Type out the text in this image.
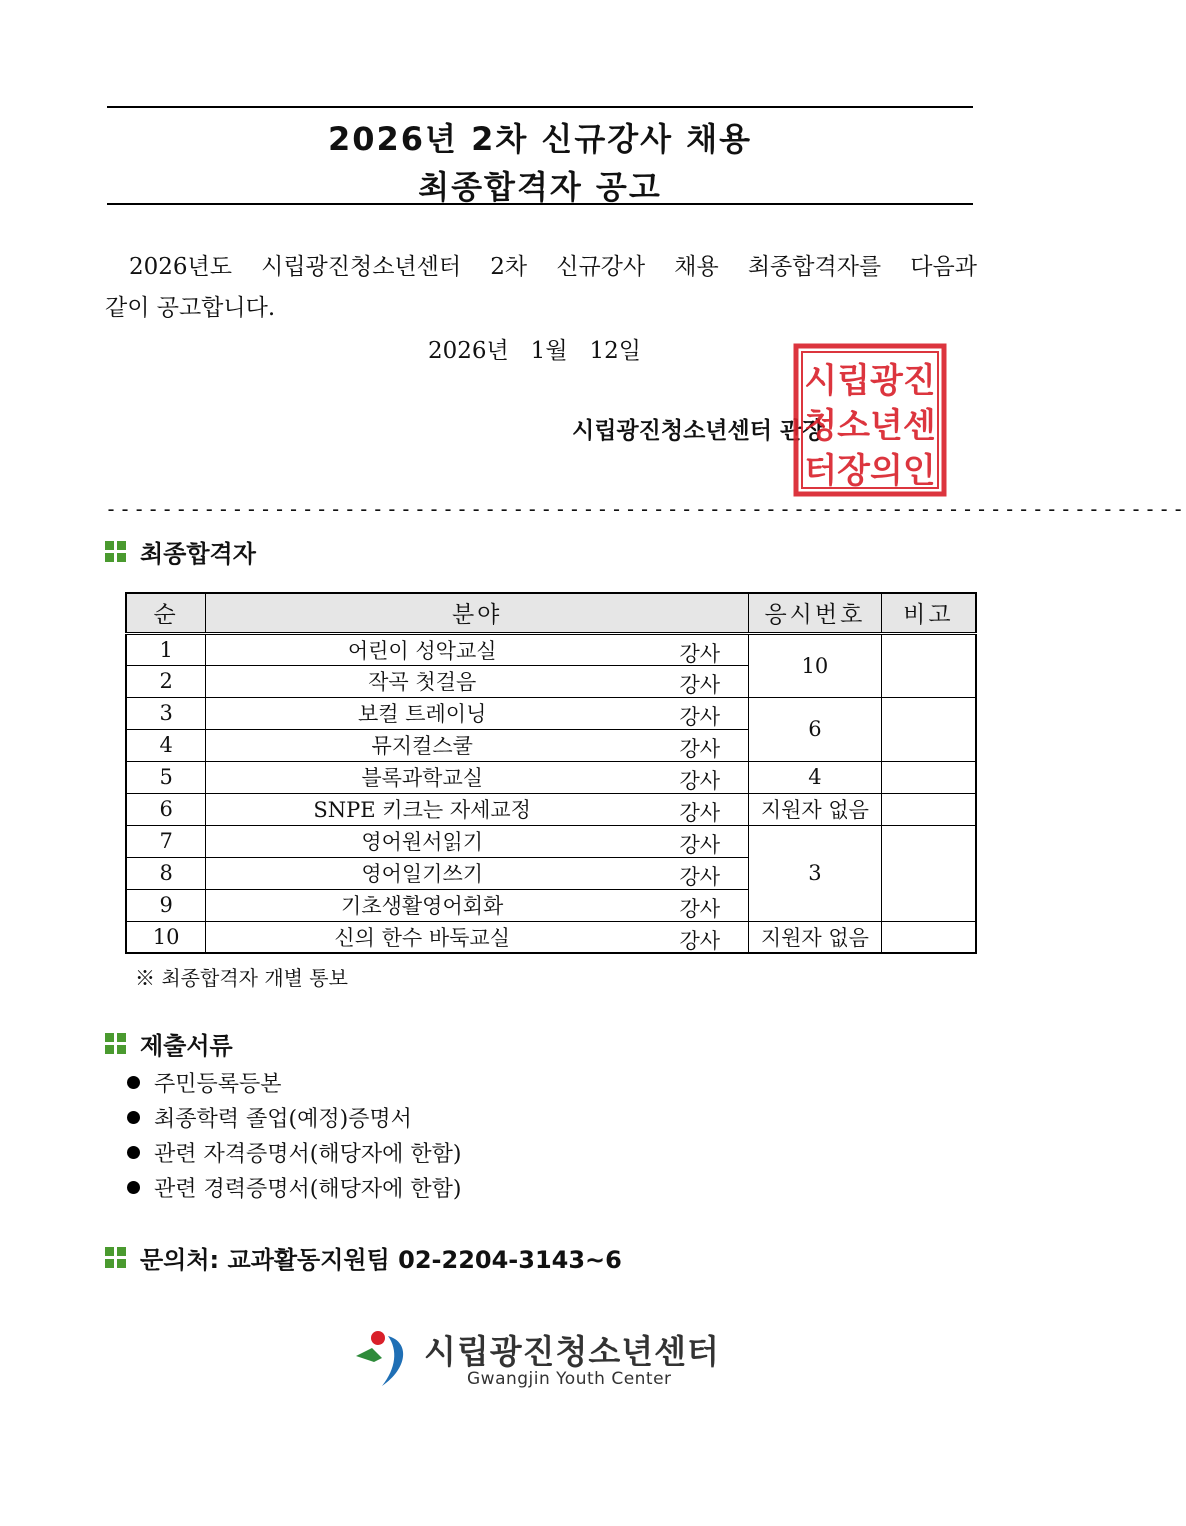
2026년 2차 신규강사 채용
최종합격자 공고
2026년도 시립광진청소년센터 2차 신규강사 채용 최종합격자를 다음과
같이 공고합니다.
2026년   1월   12일
시립광진청소년센터 관장
시립광진
청소년센
터장의인
-----------------------------------------------------------------------------
최종합격자
순	분야	응시번호	비고
1	어린이 성악교실 강사	10	
2	작곡 첫걸음 강사		

3	보컬 트레이닝 강사	6	
4	뮤지컬스쿨 강사		

5	블록과학교실 강사	4	
6	SNPE 키크는 자세교정 강사	지원자 없음	
7	영어원서읽기 강사	3	
8	영어일기쓰기 강사		

9	기초생활영어회화 강사		

10	신의 한수 바둑교실 강사	지원자 없음	
※ 최종합격자 개별 통보
제출서류
주민등록등본
최종학력 졸업(예정)증명서
관련 자격증명서(해당자에 한함)
관련 경력증명서(해당자에 한함)
문의처: 교과활동지원팀 02-2204-3143~6
시립광진청소년센터
Gwangjin Youth Center
